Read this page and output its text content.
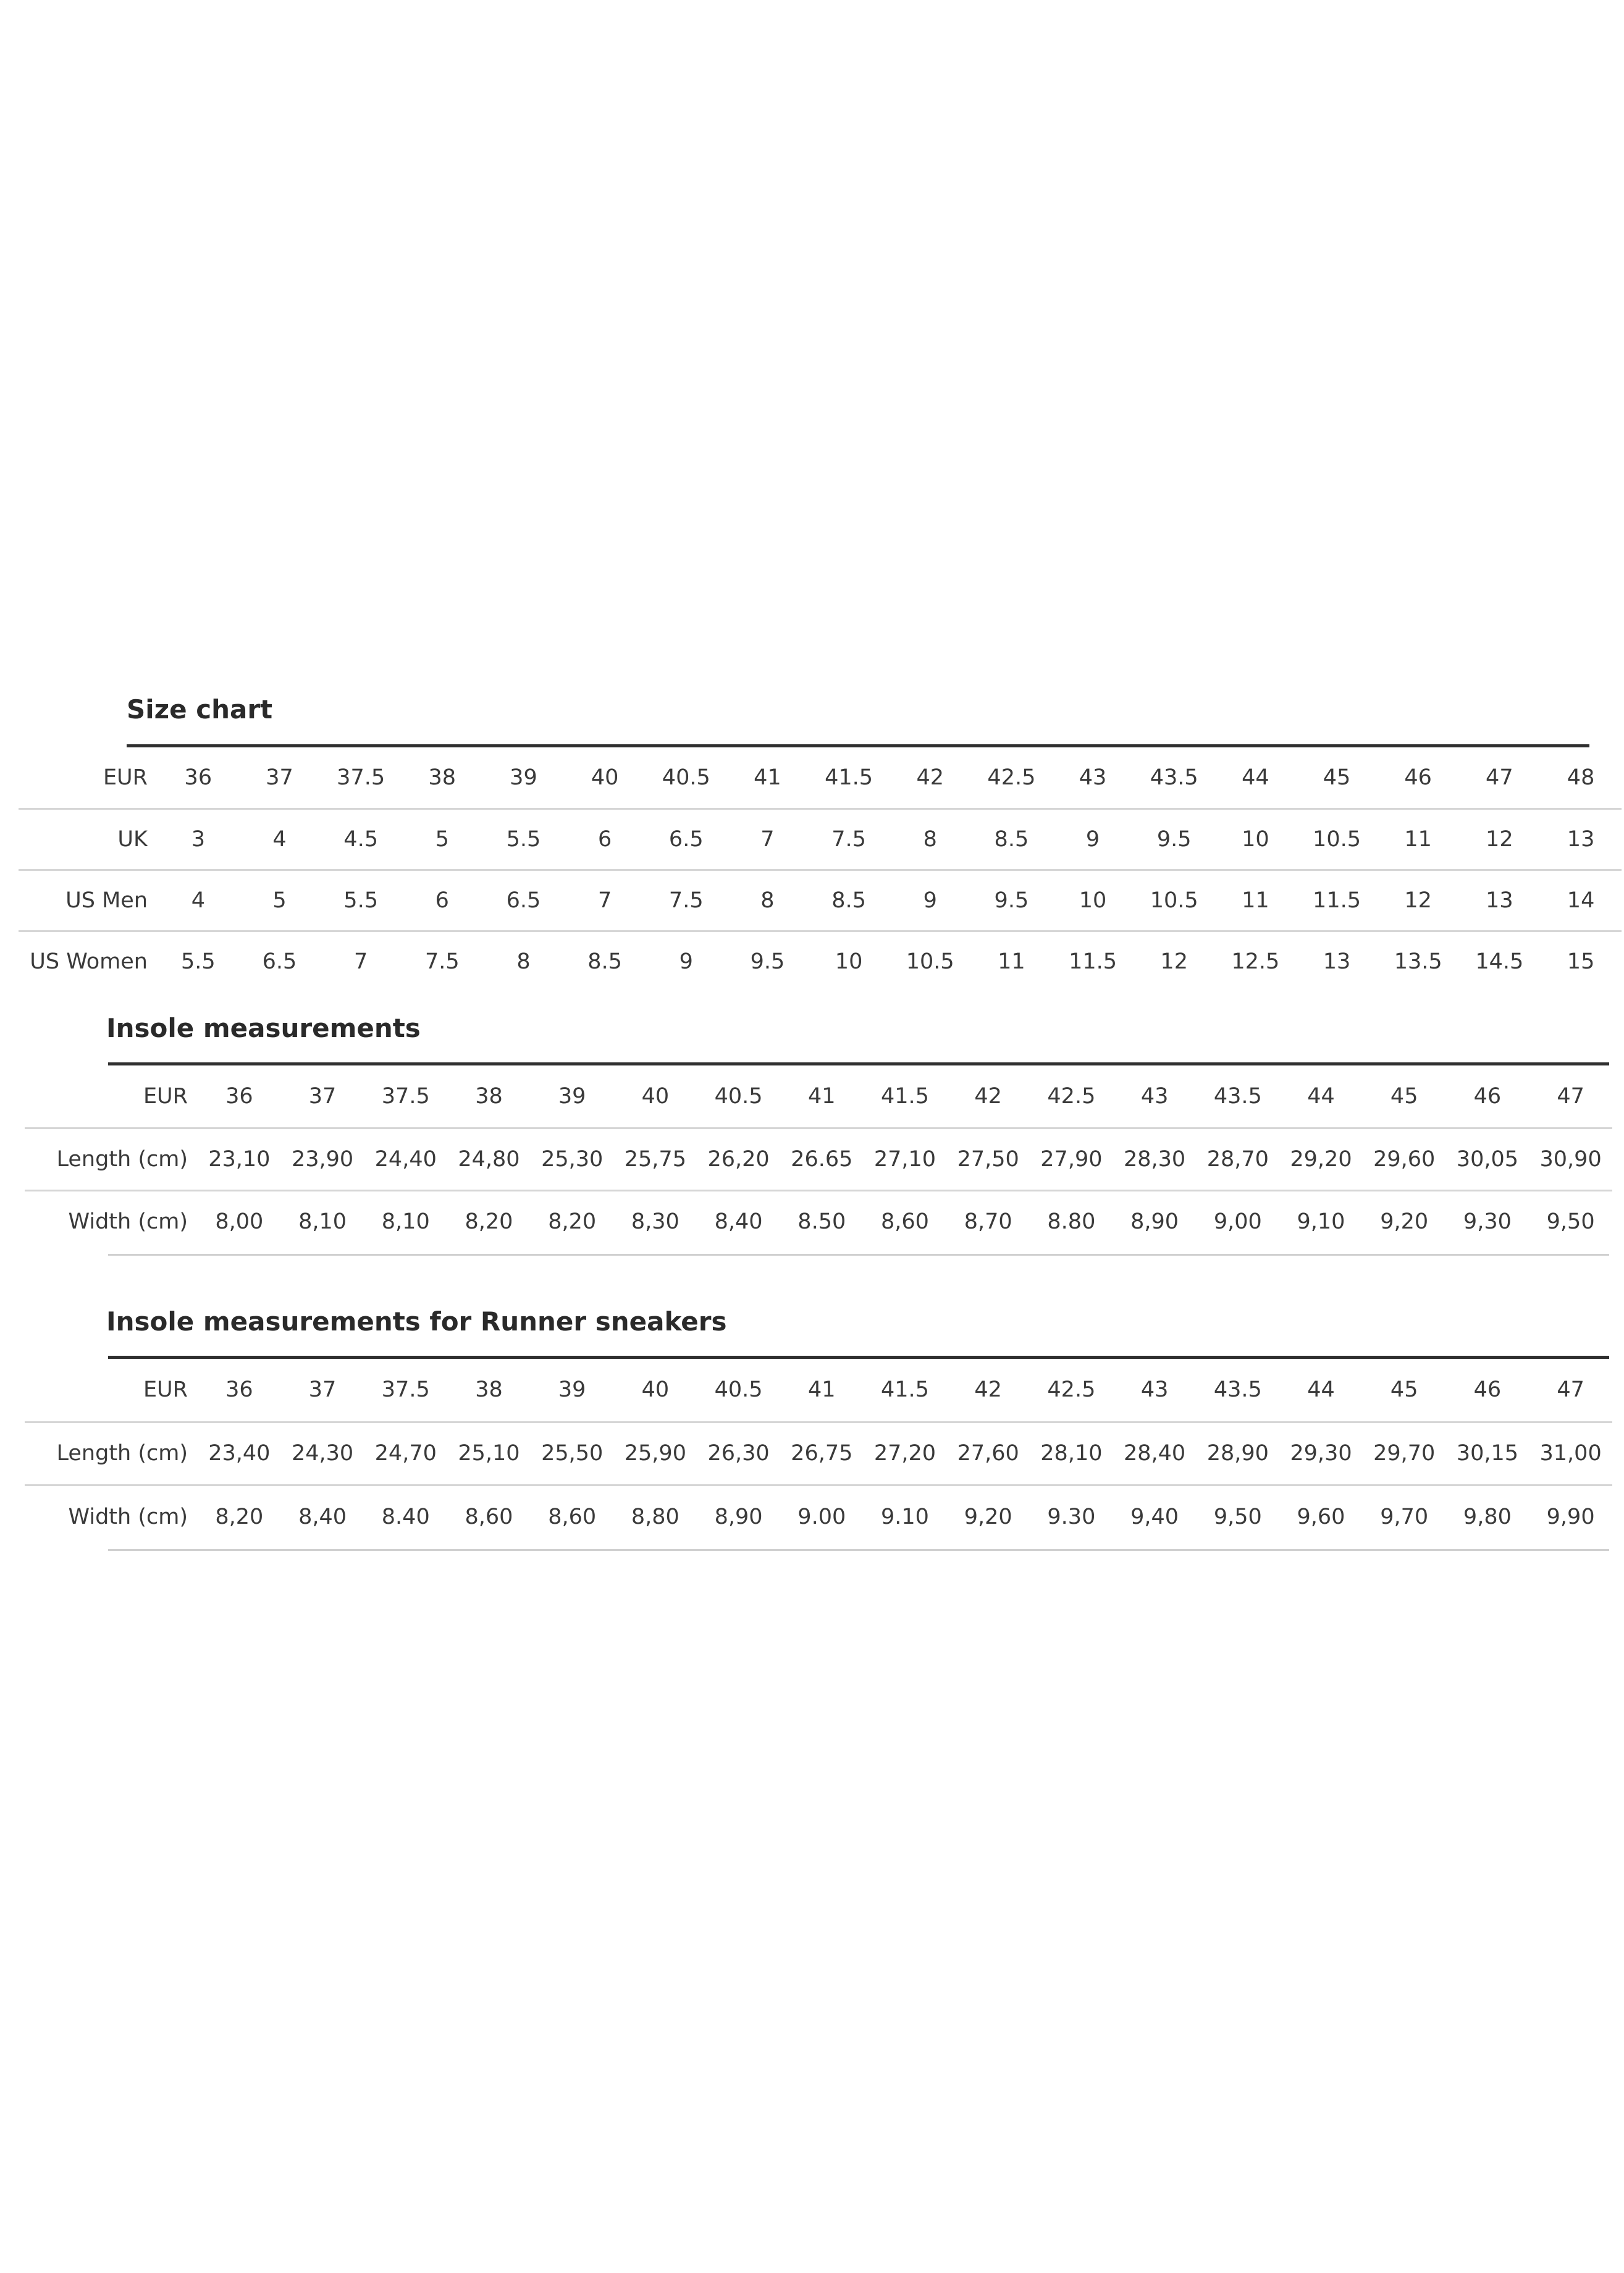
Size chart
EUR	36	37	37.5	38	39	40	40.5	41	41.5	42	42.5	43	43.5	44	45	46	47	48
UK	3	4	4.5	5	5.5	6	6.5	7	7.5	8	8.5	9	9.5	10	10.5	11	12	13
US Men	4	5	5.5	6	6.5	7	7.5	8	8.5	9	9.5	10	10.5	11	11.5	12	13	14
US Women	5.5	6.5	7	7.5	8	8.5	9	9.5	10	10.5	11	11.5	12	12.5	13	13.5	14.5	15
Insole measurements
EUR	36	37	37.5	38	39	40	40.5	41	41.5	42	42.5	43	43.5	44	45	46	47
Length (cm)	23,10	23,90	24,40	24,80	25,30	25,75	26,20	26.65	27,10	27,50	27,90	28,30	28,70	29,20	29,60	30,05	30,90
Width (cm)	8,00	8,10	8,10	8,20	8,20	8,30	8,40	8.50	8,60	8,70	8.80	8,90	9,00	9,10	9,20	9,30	9,50
Insole measurements for Runner sneakers
EUR	36	37	37.5	38	39	40	40.5	41	41.5	42	42.5	43	43.5	44	45	46	47
Length (cm)	23,40	24,30	24,70	25,10	25,50	25,90	26,30	26,75	27,20	27,60	28,10	28,40	28,90	29,30	29,70	30,15	31,00
Width (cm)	8,20	8,40	8.40	8,60	8,60	8,80	8,90	9.00	9.10	9,20	9.30	9,40	9,50	9,60	9,70	9,80	9,90
